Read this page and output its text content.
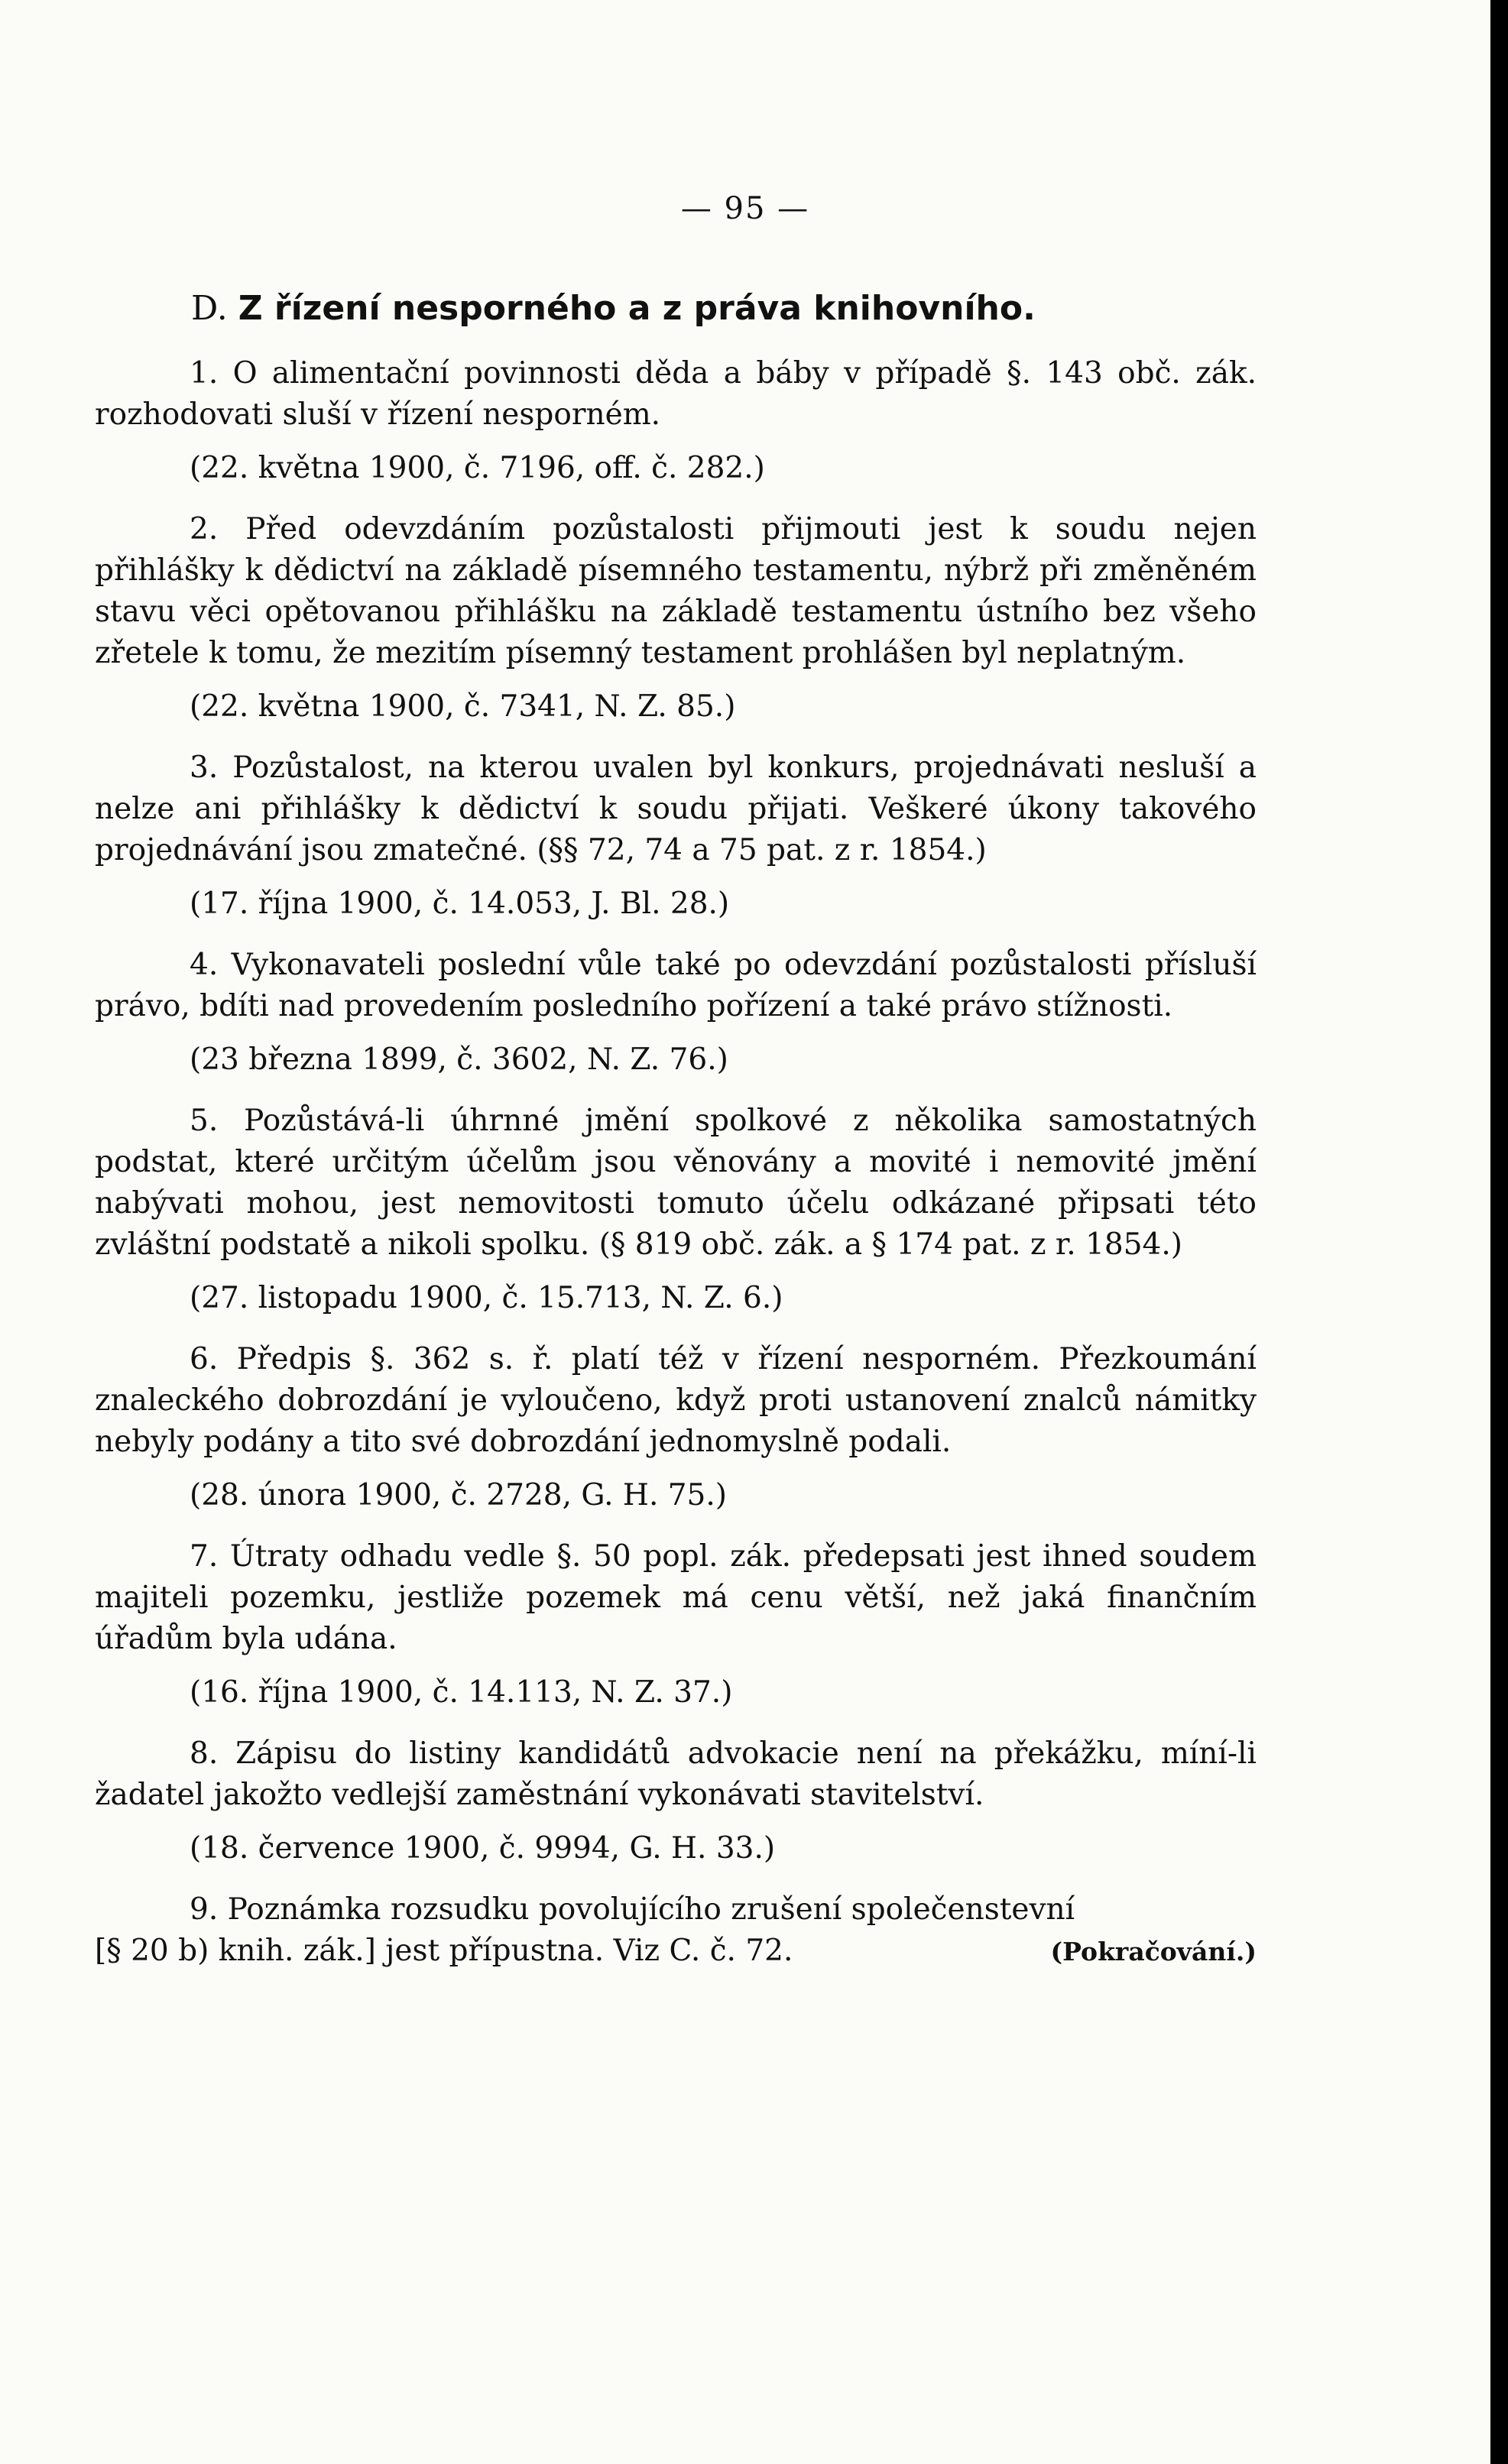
— 95 —
D. Z řízení nesporného a z práva knihovního.

1. O alimentační povinnosti děda a báby v případě §. 143 obč. zák. rozhodovati sluší v řízení nesporném.

(22. května 1900, č. 7196, off. č. 282.)

2. Před odevzdáním pozůstalosti přijmouti jest k soudu nejen přihlášky k dědictví na základě písemného testamentu, nýbrž při změněném stavu věci opětovanou přihlášku na základě testamentu ústního bez všeho zřetele k tomu, že mezitím písemný testament prohlášen byl neplatným.

(22. května 1900, č. 7341, N. Z. 85.)

3. Pozůstalost, na kterou uvalen byl konkurs, projednávati nesluší a nelze ani přihlášky k dědictví k soudu přijati. Veškeré úkony takového projednávání jsou zmatečné. (§§ 72, 74 a 75 pat. z r. 1854.)

(17. října 1900, č. 14.053, J. Bl. 28.)

4. Vykonavateli poslední vůle také po odevzdání pozůstalosti přísluší právo, bdíti nad provedením posledního pořízení a také právo stížnosti.

(23 března 1899, č. 3602, N. Z. 76.)

5. Pozůstává-li úhrnné jmění spolkové z několika samostatných podstat, které určitým účelům jsou věnovány a movité i nemovité jmění nabývati mohou, jest nemovitosti tomuto účelu odkázané připsati této zvláštní podstatě a nikoli spolku. (§ 819 obč. zák. a § 174 pat. z r. 1854.)

(27. listopadu 1900, č. 15.713, N. Z. 6.)

6. Předpis §. 362 s. ř. platí též v řízení nesporném. Přezkoumání znaleckého dobrozdání je vyloučeno, když proti ustanovení znalců námitky nebyly podány a tito své dobrozdání jednomyslně podali.

(28. února 1900, č. 2728, G. H. 75.)

7. Útraty odhadu vedle §. 50 popl. zák. předepsati jest ihned soudem majiteli pozemku, jestliže pozemek má cenu větší, než jaká finančním úřadům byla udána.

(16. října 1900, č. 14.113, N. Z. 37.)

8. Zápisu do listiny kandidátů advokacie není na překážku, míní-li žadatel jakožto vedlejší zaměstnání vykonávati stavitelství.

(18. července 1900, č. 9994, G. H. 33.)

9. Poznámka rozsudku povolujícího zrušení společenstevní

[§ 20 b) knih. zák.] jest přípustna. Viz C. č. 72.	(Pokračování.)
